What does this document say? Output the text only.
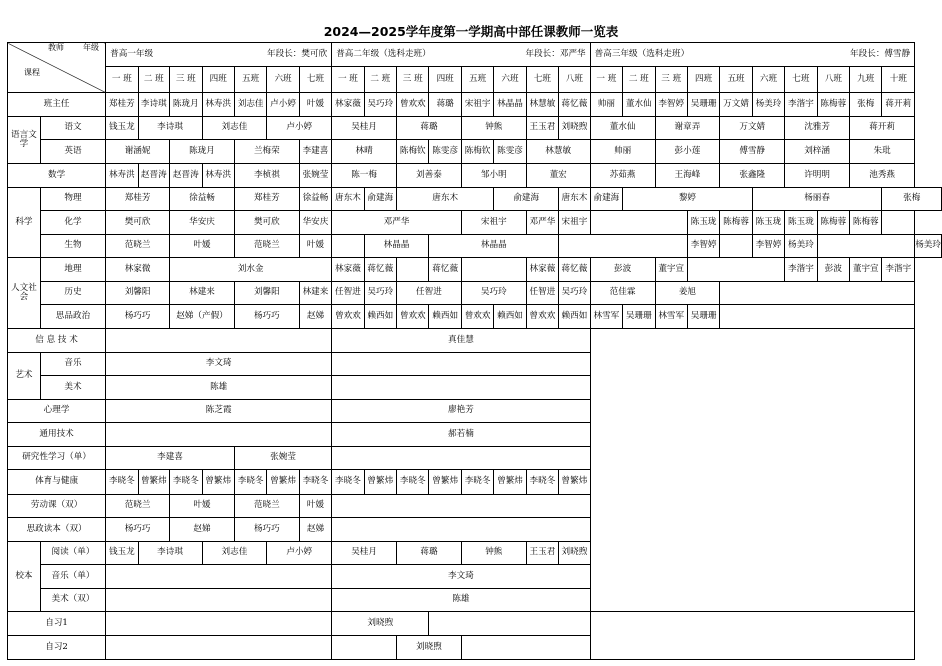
2024—2025学年度第一学期高中部任课教师一览表
教师 年级
课程		普高一年级 年段长：樊可欣							普高二年级（选科走班） 年段长：邓严华								普高三年级（选科走班） 年段长：傅雪静										

		一 班	二 班	三 班	四班	五班	六班	七班	一 班	二 班	三 班	四班	五班	六班	七班	八班	一 班	二 班	三 班	四班	五班	六班	七班	八班	九班	十班	
班主任		郑桂芳	李诗琪	陈珑月	林寿洪	刘志佳	卢小婷	叶媛	林家薇	吴巧玲	曾欢欢	蒋璐	宋祖宇	林晶晶	林慧敏	蒋忆薇	帅丽	董水仙	李智婷	吴珊珊	万文婧	杨美玲	李湝宇	陈梅蓉	张梅	蒋开莉	
语言文学	语文	钱玉龙	李诗琪		刘志佳		卢小婷		吴桂月		蒋璐		钟熊		王玉君	刘晓煦	董水仙		谢章弄		万文婧		沈雅芳		蒋开莉		
	英语	谢涵妮		陈珑月		兰梅荣		李建喜	林晴		陈梅钦	陈雯彦	陈梅钦	陈雯彦	林慧敏		帅丽		彭小莲		傅雪静		刘梓涵		朱玭		
数学		林寿洪	赵晋涛	赵晋涛	林寿洪	李桢祺		张婉莹	陈一梅		刘善泰		邹小明		董宏		苏茹燕		王海峰		张鑫隆		许明明		池秀燕		
科学	物理	郑桂芳		徐益畅		郑桂芳		徐益畅	唐东木	俞建海	唐东木			俞建海		唐东木	俞建海	黎婷				杨丽春				张梅	
	化学	樊可欣		华安庆		樊可欣		华安庆	邓严华				宋祖宇		邓严华	宋祖宇				陈玉珑	陈梅蓉	陈玉珑	陈玉珑	陈梅蓉	陈梅蓉		
	生物	范晓兰		叶媛		范晓兰		叶媛		林晶晶		林晶晶								李智婷		李智婷	杨美玲				杨美玲
人文社会	地理	林家微		刘水金					林家薇	蒋忆薇		蒋忆薇			林家薇	蒋忆薇	彭波		董宇宣				李湝宇	彭波	董宇宣	李湝宇	
	历史	刘馨阳		林建来		刘馨阳		林建来	任智进	吴巧玲	任智进		吴巧玲		任智进	吴巧玲	范佳霖		姜旭								
	思品政治	杨巧巧		赵娣（产假）		杨巧巧		赵娣	曾欢欢	赖西如	曾欢欢	赖西如	曾欢欢	赖西如	曾欢欢	赖西如	林雪军	吴珊珊	林雪军	吴珊珊							
信 息 技 术									真佳慧																		
艺术	音乐	李文琦																									
	美术	陈雄																									
心理学		陈芝霞							廖艳芳																		
通用技术									郝若楠																		
研究性学习（单）		李建喜				张婉莹																					
体育与健康		李晓冬	曾繁炜	李晓冬	曾繁炜	李晓冬	曾繁炜	李晓冬	李晓冬	曾繁炜	李晓冬	曾繁炜	李晓冬	曾繁炜	李晓冬	曾繁炜											
劳动课（双）		范晓兰		叶媛		范晓兰		叶媛																			
思政读本（双）		杨巧巧		赵娣		杨巧巧		赵娣																			
校本	阅读（单）	钱玉龙	李诗琪		刘志佳		卢小婷		吴桂月		蒋璐		钟熊		王玉君	刘晓煦											
	音乐（单）								李文琦																		
	美术（双）								陈雄																		
自习1									刘晓煦																		
自习2											刘晓煦																
